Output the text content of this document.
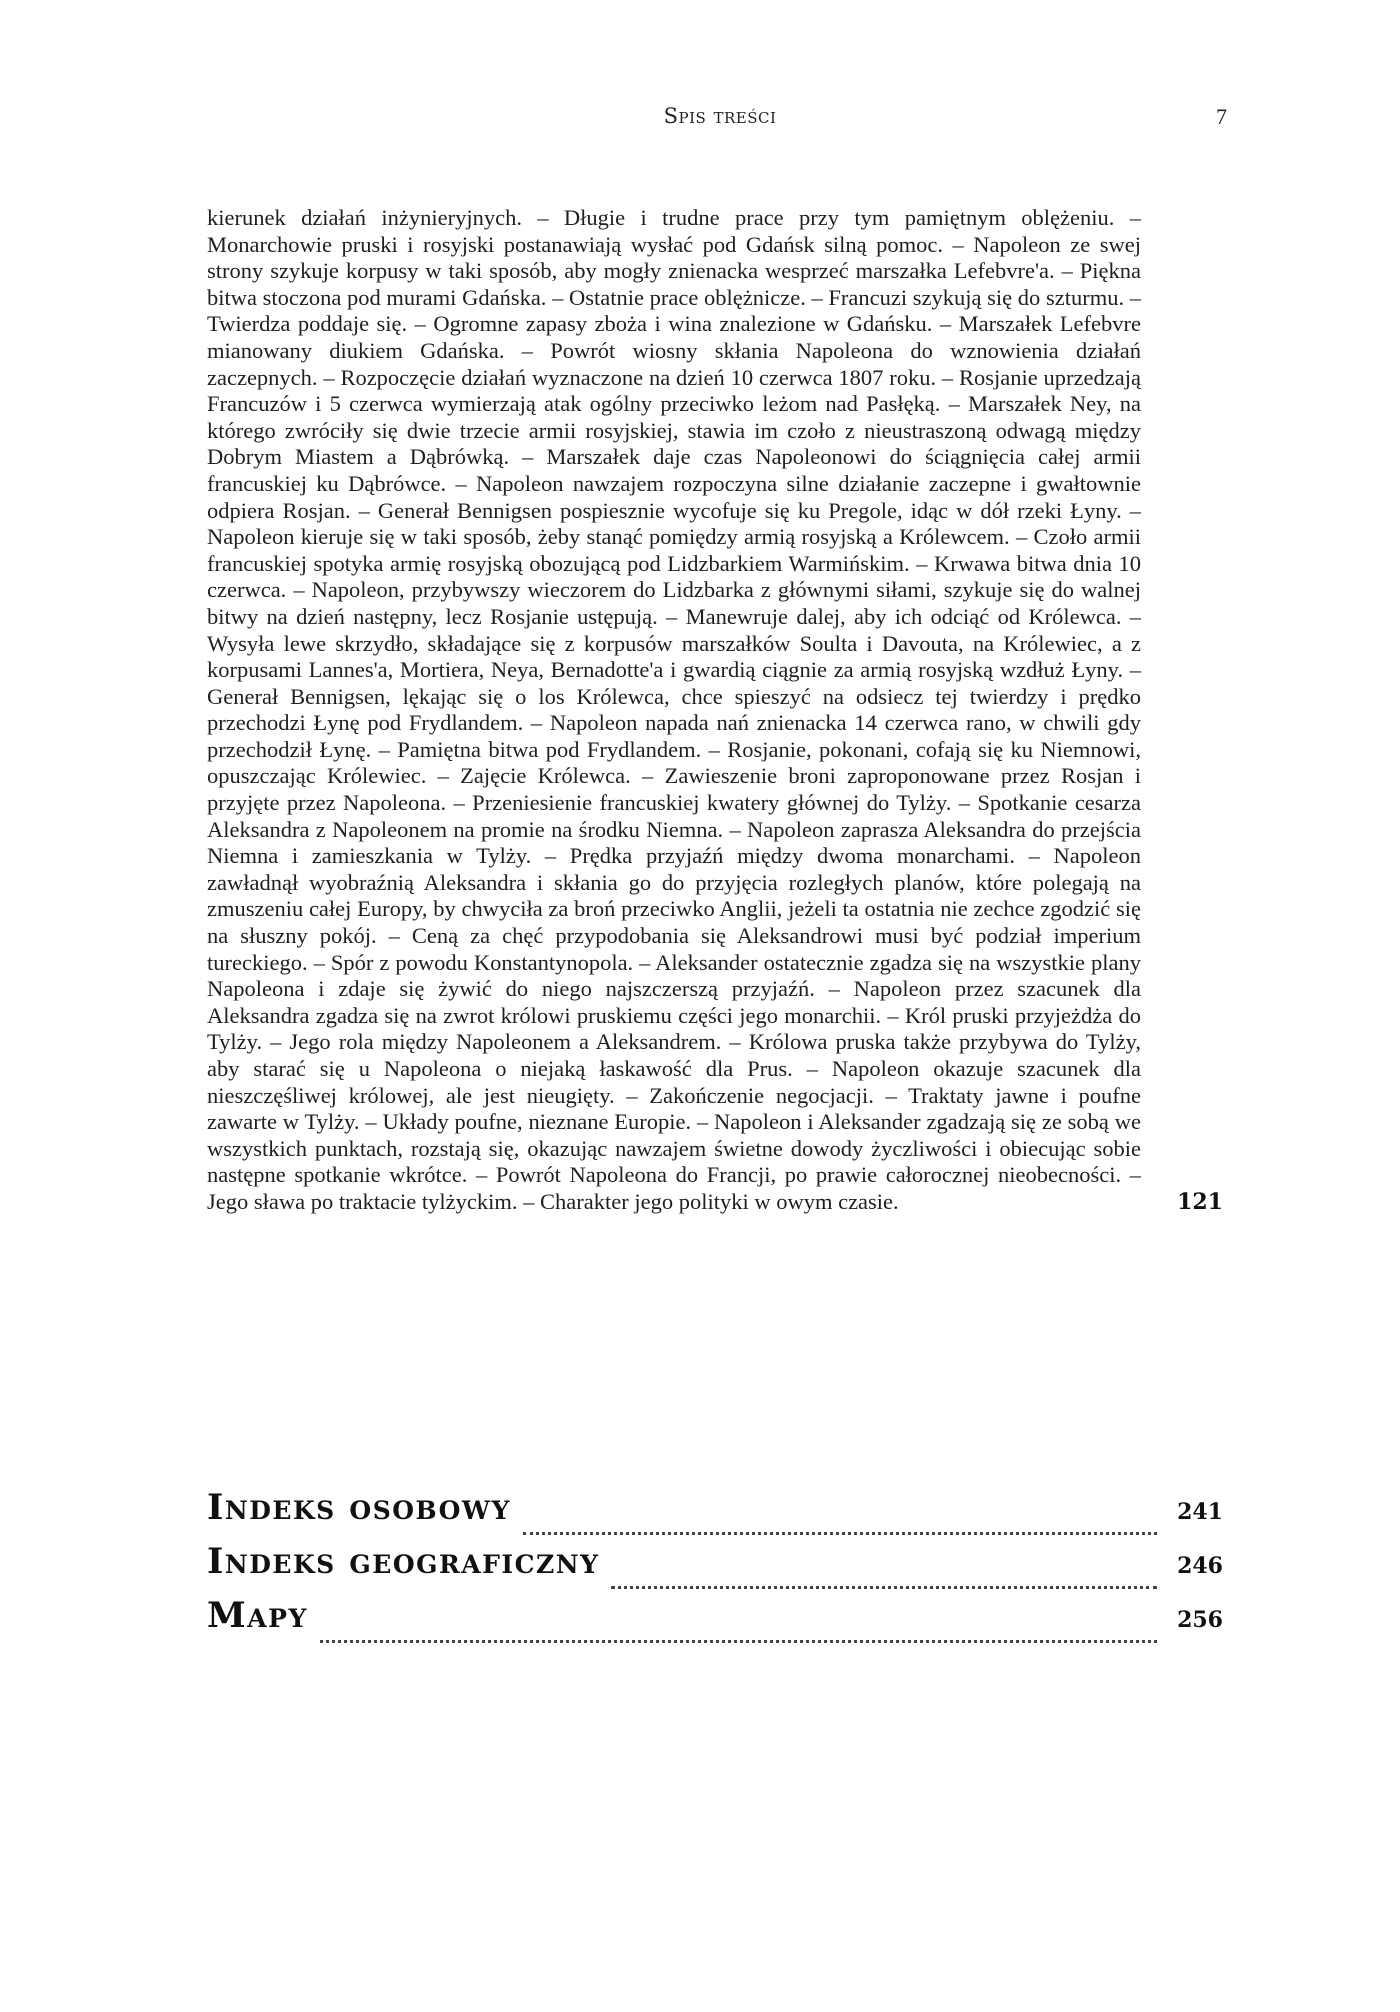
Spis treści	7
kierunek działań inżynieryjnych. – Długie i trudne prace przy tym pamiętnym oblężeniu. – Monarchowie pruski i rosyjski postanawiają wysłać pod Gdańsk silną pomoc. – Napoleon ze swej strony szykuje korpusy w taki sposób, aby mogły znienacka wesprzeć marszałka Lefebvre'a. – Piękna bitwa stoczona pod murami Gdańska. – Ostatnie prace oblężnicze. – Francuzi szykują się do szturmu. – Twierdza poddaje się. – Ogromne zapasy zboża i wina znalezione w Gdańsku. – Marszałek Lefebvre mianowany diukiem Gdańska. – Powrót wiosny skłania Napoleona do wznowienia działań zaczepnych. – Rozpoczęcie działań wyznaczone na dzień 10 czerwca 1807 roku. – Rosjanie uprzedzają Francuzów i 5 czerwca wymierzają atak ogólny przeciwko leżom nad Pasłęką. – Marszałek Ney, na którego zwróciły się dwie trzecie armii rosyjskiej, stawia im czoło z nieustraszoną odwagą między Dobrym Miastem a Dąbrówką. – Marszałek daje czas Napoleonowi do ściągnięcia całej armii francuskiej ku Dąbrówce. – Napoleon nawzajem rozpoczyna silne działanie zaczepne i gwałtownie odpiera Rosjan. – Generał Bennigsen pospiesznie wycofuje się ku Pregole, idąc w dół rzeki Łyny. – Napoleon kieruje się w taki sposób, żeby stanąć pomiędzy armią rosyjską a Królewcem. – Czoło armii francuskiej spotyka armię rosyjską obozującą pod Lidzbarkiem Warmińskim. – Krwawa bitwa dnia 10 czerwca. – Napoleon, przybywszy wieczorem do Lidzbarka z głównymi siłami, szykuje się do walnej bitwy na dzień następny, lecz Rosjanie ustępują. – Manewruje dalej, aby ich odciąć od Królewca. – Wysyła lewe skrzydło, składające się z korpusów marszałków Soulta i Davouta, na Królewiec, a z korpusami Lannes'a, Mortiera, Neya, Bernadotte'a i gwardią ciągnie za armią rosyjską wzdłuż Łyny. – Generał Bennigsen, lękając się o los Królewca, chce spieszyć na odsiecz tej twierdzy i prędko przechodzi Łynę pod Frydlandem. – Napoleon napada nań znienacka 14 czerwca rano, w chwili gdy przechodził Łynę. – Pamiętna bitwa pod Frydlandem. – Rosjanie, pokonani, cofają się ku Niemnowi, opuszczając Królewiec. – Zajęcie Królewca. – Zawieszenie broni zaproponowane przez Rosjan i przyjęte przez Napoleona. – Przeniesienie francuskiej kwatery głównej do Tylży. – Spotkanie cesarza Aleksandra z Napoleonem na promie na środku Niemna. – Napoleon zaprasza Aleksandra do przejścia Niemna i zamieszkania w Tylży. – Prędka przyjaźń między dwoma monarchami. – Napoleon zawładnął wyobraźnią Aleksandra i skłania go do przyjęcia rozległych planów, które polegają na zmuszeniu całej Europy, by chwyciła za broń przeciwko Anglii, jeżeli ta ostatnia nie zechce zgodzić się na słuszny pokój. – Ceną za chęć przypodobania się Aleksandrowi musi być podział imperium tureckiego. – Spór z powodu Konstantynopola. – Aleksander ostatecznie zgadza się na wszystkie plany Napoleona i zdaje się żywić do niego najszczerszą przyjaźń. – Napoleon przez szacunek dla Aleksandra zgadza się na zwrot królowi pruskiemu części jego monarchii. – Król pruski przyjeżdża do Tylży. – Jego rola między Napoleonem a Aleksandrem. – Królowa pruska także przybywa do Tylży, aby starać się u Napoleona o niejaką łaskawość dla Prus. – Napoleon okazuje szacunek dla nieszczęśliwej królowej, ale jest nieugięty. – Zakończenie negocjacji. – Traktaty jawne i poufne zawarte w Tylży. – Układy poufne, nieznane Europie. – Napoleon i Aleksander zgadzają się ze sobą we wszystkich punktach, rozstają się, okazując nawzajem świetne dowody życzliwości i obiecując sobie następne spotkanie wkrótce. – Powrót Napoleona do Francji, po prawie całorocznej nieobecności. – Jego sława po traktacie tylżyckim. – Charakter jego polityki w owym czasie.	121
Indeks osobowy	241
Indeks geograficzny	246
Mapy	256
